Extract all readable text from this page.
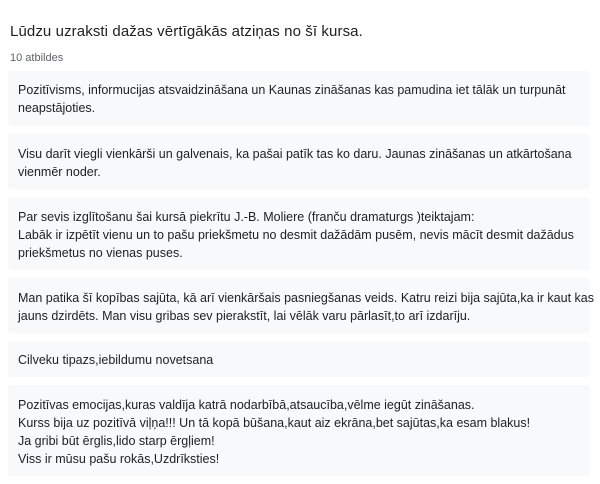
Lūdzu uzraksti dažas vērtīgākās atziņas no šī kursa.
10 atbildes
Pozitīvisms, informucijas atsvaidzināšana un Kaunas zināšanas kas pamudina iet tālāk un turpunāt
neapstājoties.
Visu darīt viegli vienkārši un galvenais, ka pašai patīk tas ko daru. Jaunas zināšanas un atkārtošana
vienmēr noder.
Par sevis izglītošanu šai kursā piekrītu J.-B. Moliere (franču dramaturgs )teiktajam:
Labāk ir izpētīt vienu un to pašu priekšmetu no desmit dažādām pusēm, nevis mācīt desmit dažādus
priekšmetus no vienas puses.
Man patika šī kopības sajūta, kā arī vienkāršais pasniegšanas veids. Katru reizi bija sajūta,ka ir kaut kas
jauns dzirdēts. Man visu gribas sev pierakstīt, lai vēlāk varu pārlasīt,to arī izdarīju.
Cilveku tipazs,iebildumu novetsana
Pozitīvas emocijas,kuras valdīja katrā nodarbībā,atsaucība,vēlme iegūt zināšanas.
Kurss bija uz pozitīvā viļņa!!! Un tā kopā būšana,kaut aiz ekrāna,bet sajūtas,ka esam blakus!
Ja gribi būt ērglis,lido starp ērgļiem!
Viss ir mūsu pašu rokās,Uzdrīksties!
